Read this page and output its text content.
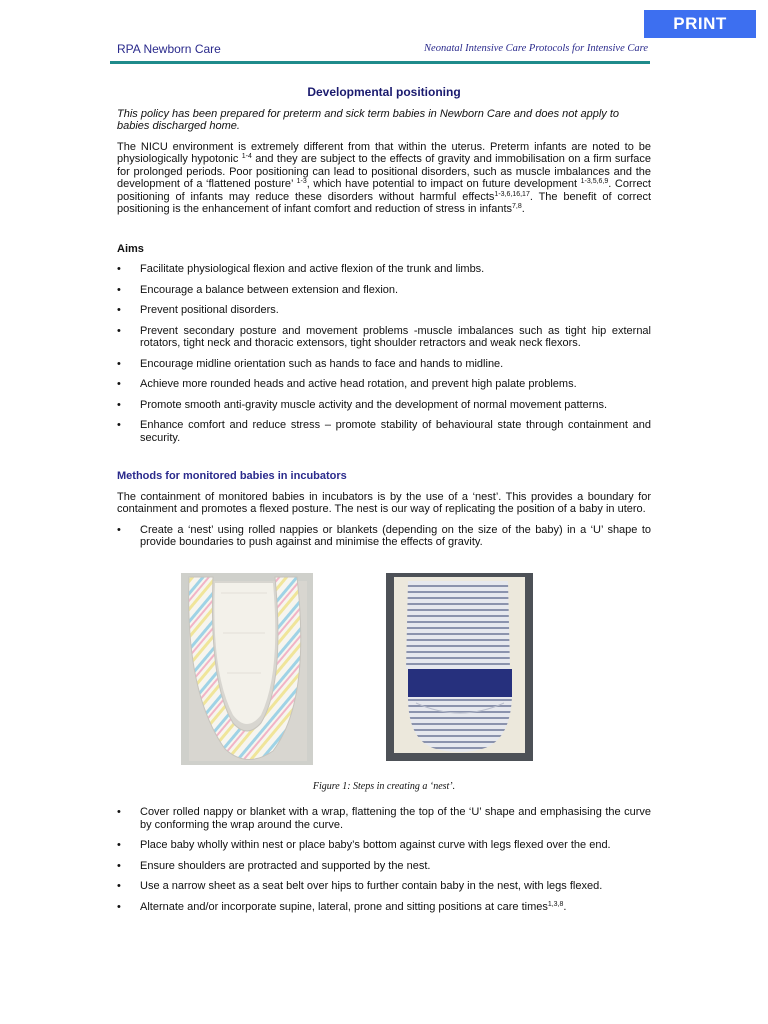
PRINT
RPA Newborn Care	Neonatal Intensive Care Protocols for Intensive Care
Developmental positioning

This policy has been prepared for preterm and sick term babies in Newborn Care and does not apply to babies discharged home.

The NICU environment is extremely different from that within the uterus. Preterm infants are noted to be physiologically hypotonic $^{1-4}$ and they are subject to the effects of gravity and immobilisation on a firm surface for prolonged periods. Poor positioning can lead to positional disorders, such as muscle imbalances and the development of a ‘flattened posture’ $^{1-3}$, which have potential to impact on future development $^{1-3,5,6,9}$. Correct positioning of infants may reduce these disorders without harmful effects$^{1-3,6,16,17}$. The benefit of correct positioning is the enhancement of infant comfort and reduction of stress in infants$^{7,8}$.

Aims
• Facilitate physiological flexion and active flexion of the trunk and limbs.
• Encourage a balance between extension and flexion.
• Prevent positional disorders.
• Prevent secondary posture and movement problems -muscle imbalances such as tight hip external rotators, tight neck and thoracic extensors, tight shoulder retractors and weak neck flexors.
• Encourage midline orientation such as hands to face and hands to midline.
• Achieve more rounded heads and active head rotation, and prevent high palate problems.
• Promote smooth anti-gravity muscle activity and the development of normal movement patterns.
• Enhance comfort and reduce stress – promote stability of behavioural state through containment and security.
Methods for monitored babies in incubators

The containment of monitored babies in incubators is by the use of a ‘nest’. This provides a boundary for containment and promotes a flexed posture. The nest is our way of replicating the position of a baby in utero.

• Create a ‘nest’ using rolled nappies or blankets (depending on the size of the baby) in a ‘U’ shape to provide boundaries to push against and minimise the effects of gravity.
Figure 1: Steps in creating a ‘nest’.
• Cover rolled nappy or blanket with a wrap, flattening the top of the ‘U’ shape and emphasising the curve by conforming the wrap around the curve.
• Place baby wholly within nest or place baby’s bottom against curve with legs flexed over the end.
• Ensure shoulders are protracted and supported by the nest.
• Use a narrow sheet as a seat belt over hips to further contain baby in the nest, with legs flexed.
• Alternate and/or incorporate supine, lateral, prone and sitting positions at care times$^{1,3,8}$.
